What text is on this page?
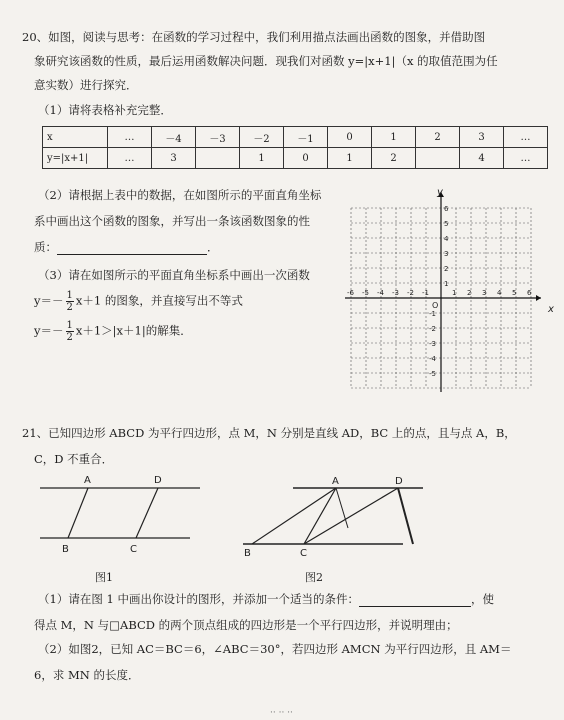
20、如图，阅读与思考：在函数的学习过程中，我们利用描点法画出函数的图象，并借助图
象研究该函数的性质，最后运用函数解决问题．现我们对函数 y=|x+1|（x 的取值范围为任
意实数）进行探究．
（1）请将表格补充完整．
x	…	－4	－3	－2	－1	0	1	2	3	…
y=|x+1|	…	3		1	0	1	2		4	…
（2）请根据上表中的数据，在如图所示的平面直角坐标
系中画出这个函数的图象，并写出一条该函数图象的性
质：	．
（3）请在如图所示的平面直角坐标系中画出一次函数
$y=- \frac{1}{2} x+1$ 的图象，并直接写出不等式
$y=- \frac{1}{2} x+1>|x+1|$的解集．
-6 -5 -4 -3 -2 -1	1 2 3 4 5 6
1
2
3
4
5
6
-1
-2
-3
-4
-5
y
x
O
21、已知四边形 ABCD 为平行四边形，点 M，N 分别是直线 AD，BC 上的点，且与点 A，B，
C，D 不重合．
A	D
B	C
图1
A	D
B	C
图2
（1）请在图 1 中画出你设计的图形，并添加一个适当的条件：	，使
得点 M，N 与□ABCD 的两个顶点组成的四边形是一个平行四边形，并说明理由；
（2）如图2，已知 AC＝BC＝6，∠ABC＝30°，若四边形 AMCN 为平行四边形，且 AM＝
6，求 MN 的长度．
·· ·· ··
